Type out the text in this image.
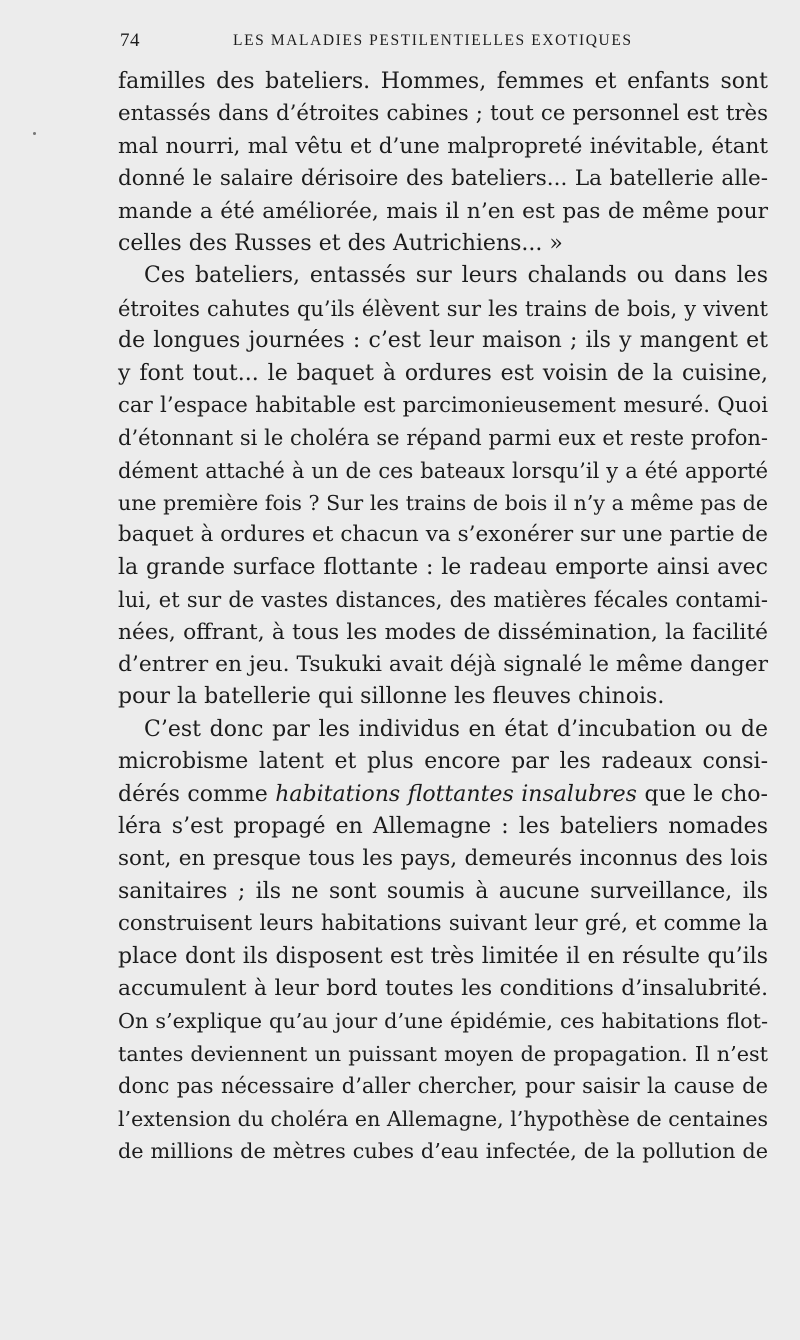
74	LES MALADIES PESTILENTIELLES EXOTIQUES
familles des bateliers. Hommes, femmes et enfants sont
entassés dans d’étroites cabines ; tout ce personnel est très
mal nourri, mal vêtu et d’une malpropreté inévitable, étant
donné le salaire dérisoire des bateliers... La batellerie alle-
mande a été améliorée, mais il n’en est pas de même pour
celles des Russes et des Autrichiens... »
Ces bateliers, entassés sur leurs chalands ou dans les
étroites cahutes qu’ils élèvent sur les trains de bois, y vivent
de longues journées : c’est leur maison ; ils y mangent et
y font tout... le baquet à ordures est voisin de la cuisine,
car l’espace habitable est parcimonieusement mesuré. Quoi
d’étonnant si le choléra se répand parmi eux et reste profon-
dément attaché à un de ces bateaux lorsqu’il y a été apporté
une première fois ? Sur les trains de bois il n’y a même pas de
baquet à ordures et chacun va s’exonérer sur une partie de
la grande surface flottante : le radeau emporte ainsi avec
lui, et sur de vastes distances, des matières fécales contami-
nées, offrant, à tous les modes de dissémination, la facilité
d’entrer en jeu. Tsukuki avait déjà signalé le même danger
pour la batellerie qui sillonne les fleuves chinois.
C’est donc par les individus en état d’incubation ou de
microbisme latent et plus encore par les radeaux consi-
dérés comme habitations flottantes insalubres que le cho-
léra s’est propagé en Allemagne : les bateliers nomades
sont, en presque tous les pays, demeurés inconnus des lois
sanitaires ; ils ne sont soumis à aucune surveillance, ils
construisent leurs habitations suivant leur gré, et comme la
place dont ils disposent est très limitée il en résulte qu’ils
accumulent à leur bord toutes les conditions d’insalubrité.
On s’explique qu’au jour d’une épidémie, ces habitations flot-
tantes deviennent un puissant moyen de propagation. Il n’est
donc pas nécessaire d’aller chercher, pour saisir la cause de
l’extension du choléra en Allemagne, l’hypothèse de centaines
de millions de mètres cubes d’eau infectée, de la pollution de
